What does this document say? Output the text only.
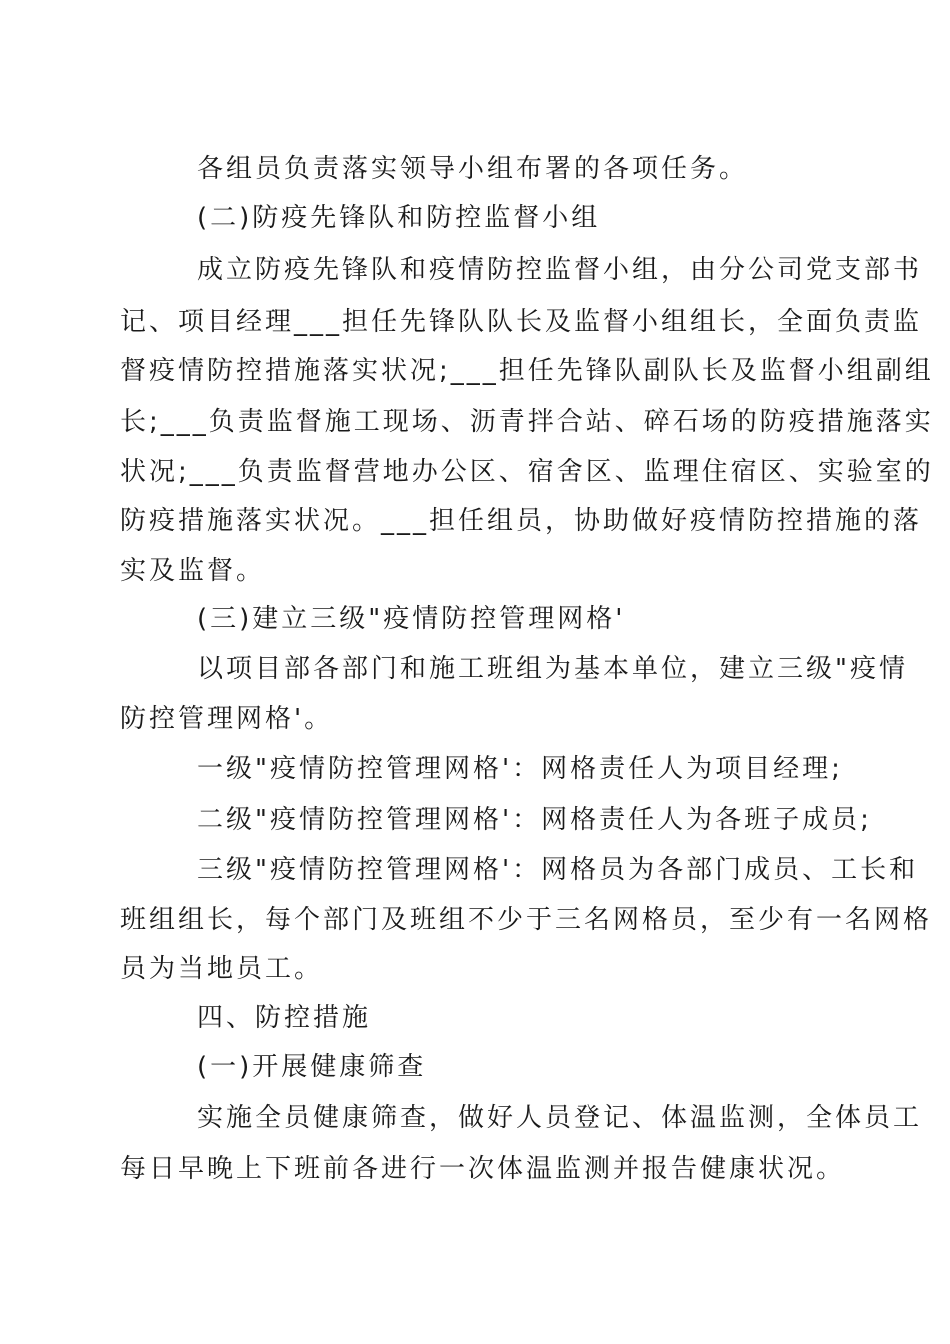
各组员负责落实领导小组布署的各项任务。
(二)防疫先锋队和防控监督小组
成立防疫先锋队和疫情防控监督小组，由分公司党支部书
记、项目经理___担任先锋队队长及监督小组组长，全面负责监
督疫情防控措施落实状况;___担任先锋队副队长及监督小组副组
长;___负责监督施工现场、沥青拌合站、碎石场的防疫措施落实
状况;___负责监督营地办公区、宿舍区、监理住宿区、实验室的
防疫措施落实状况。___担任组员，协助做好疫情防控措施的落
实及监督。
(三)建立三级"疫情防控管理网格'
以项目部各部门和施工班组为基本单位，建立三级"疫情
防控管理网格'。
一级"疫情防控管理网格'：网格责任人为项目经理;
二级"疫情防控管理网格'：网格责任人为各班子成员;
三级"疫情防控管理网格'：网格员为各部门成员、工长和
班组组长，每个部门及班组不少于三名网格员，至少有一名网格
员为当地员工。
四、防控措施
(一)开展健康筛查
实施全员健康筛查，做好人员登记、体温监测，全体员工
每日早晚上下班前各进行一次体温监测并报告健康状况。
